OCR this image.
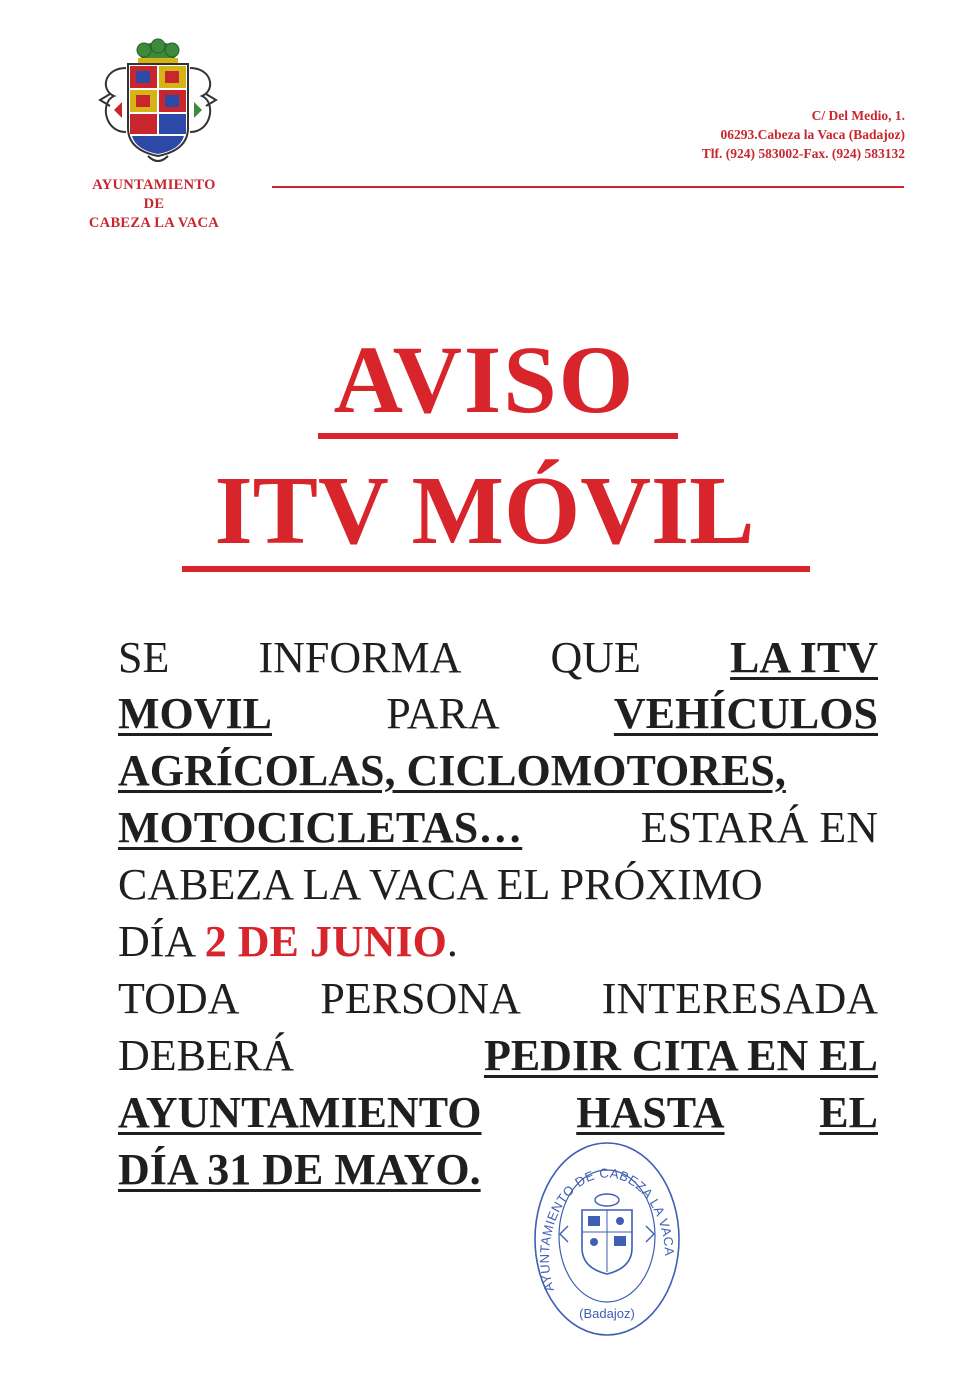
AYUNTAMIENTO
DE
CABEZA LA VACA
C/ Del Medio, 1.
06293.Cabeza la Vaca (Badajoz)
Tlf. (924) 583002-Fax. (924) 583132
AVISO
ITV MÓVIL
SE INFORMA QUE LA ITV
MOVIL	PARA	VEHÍCULOS
AGRÍCOLAS, CICLOMOTORES,
MOTOCICLETAS…	ESTARÁ EN
CABEZA LA VACA EL PRÓXIMO
DÍA 2 DE JUNIO.
TODA PERSONA INTERESADA
DEBERÁ	PEDIR CITA EN EL
AYUNTAMIENTO HASTA EL
DÍA 31 DE MAYO.
AYUNTAMIENTO DE CABEZA LA VACA
(Badajoz)
